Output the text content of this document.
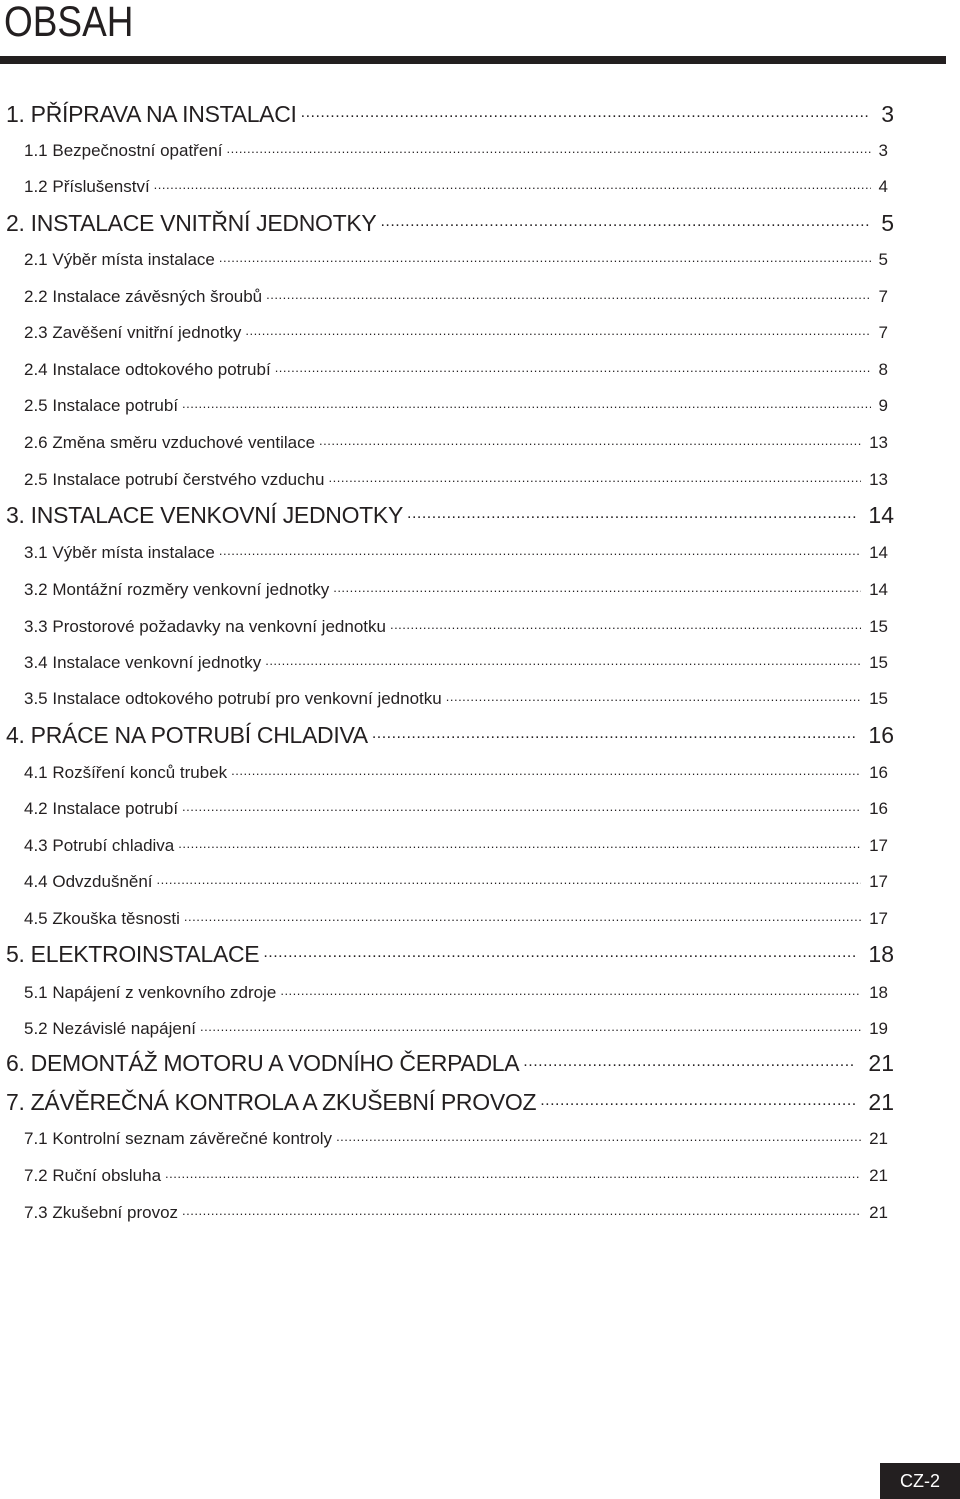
OBSAH
1. PŘÍPRAVA NA INSTALACI .....	3
1.1 Bezpečnostní opatření .....	3
1.2 Příslušenství .....	4
2. INSTALACE VNITŘNÍ JEDNOTKY .....	5
2.1 Výběr místa instalace .....	5
2.2 Instalace závěsných šroubů .....	7
2.3 Zavěšení vnitřní jednotky .....	7
2.4 Instalace odtokového potrubí .....	8
2.5 Instalace potrubí .....	9
2.6 Změna směru vzduchové ventilace .....	13
2.5 Instalace potrubí čerstvého vzduchu .....	13
3. INSTALACE VENKOVNÍ JEDNOTKY .....	14
3.1 Výběr místa instalace .....	14
3.2 Montážní rozměry venkovní jednotky .....	14
3.3 Prostorové požadavky na venkovní jednotku .....	15
3.4 Instalace venkovní jednotky .....	15
3.5 Instalace odtokového potrubí pro venkovní jednotku .....	15
4. PRÁCE NA POTRUBÍ CHLADIVA .....	16
4.1 Rozšíření konců trubek .....	16
4.2 Instalace potrubí .....	16
4.3 Potrubí chladiva .....	17
4.4 Odvzdušnění .....	17
4.5 Zkouška těsnosti .....	17
5. ELEKTROINSTALACE .....	18
5.1 Napájení z venkovního zdroje .....	18
5.2 Nezávislé napájení .....	19
6. DEMONTÁŽ MOTORU A VODNÍHO ČERPADLA .....	21
7. ZÁVĚREČNÁ KONTROLA A ZKUŠEBNÍ PROVOZ .....	21
7.1 Kontrolní seznam závěrečné kontroly .....	21
7.2 Ruční obsluha .....	21
7.3 Zkušební provoz .....	21
CZ-2
